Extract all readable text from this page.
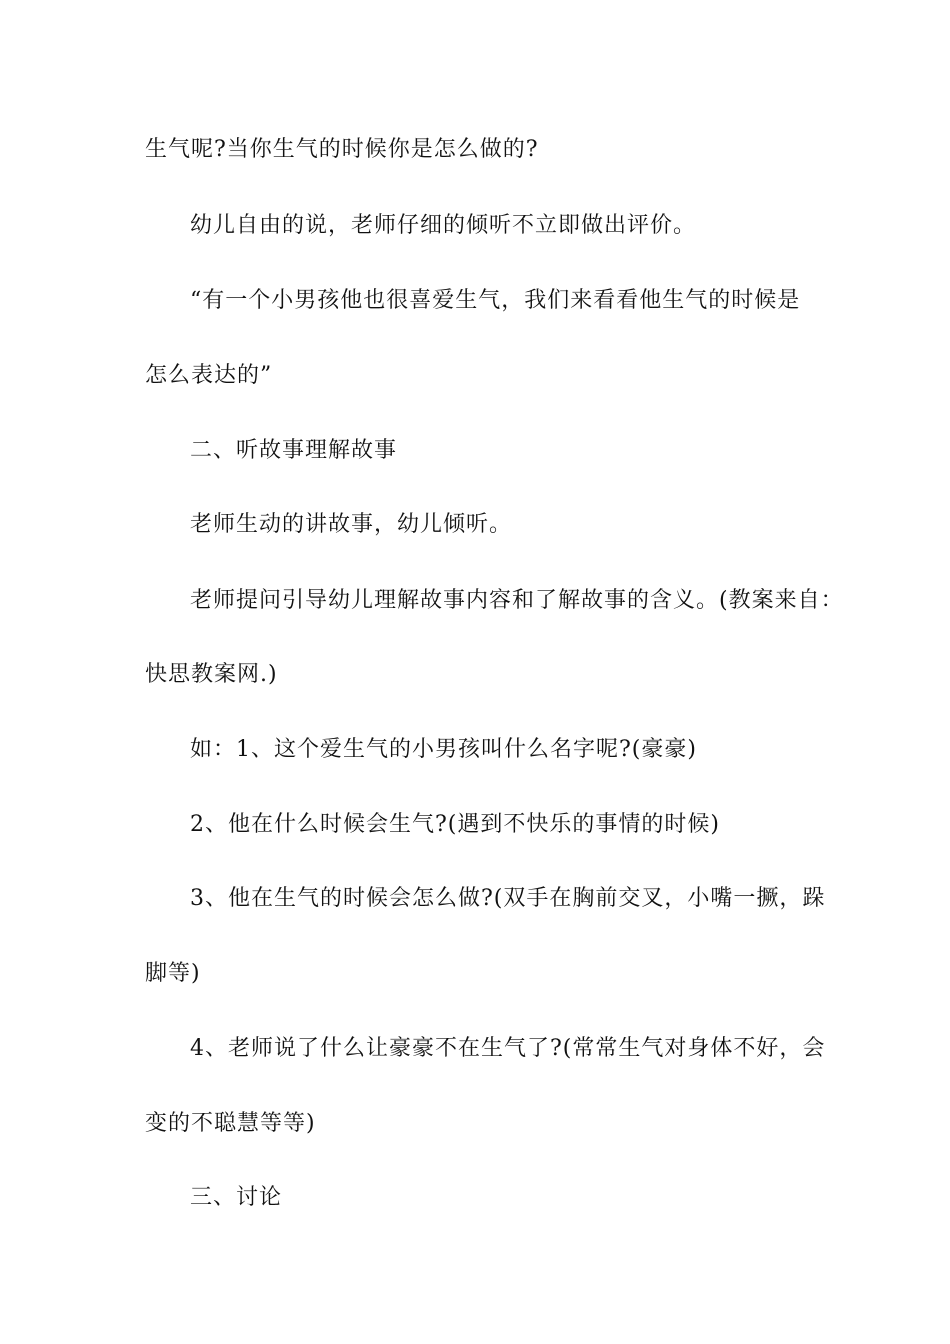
生气呢?当你生气的时候你是怎么做的?
幼儿自由的说，老师仔细的倾听不立即做出评价。
“有一个小男孩他也很喜爱生气，我们来看看他生气的时候是
怎么表达的”
二、听故事理解故事
老师生动的讲故事，幼儿倾听。
老师提问引导幼儿理解故事内容和了解故事的含义。(教案来自：
快思教案网.)
如：1、这个爱生气的小男孩叫什么名字呢?(豪豪)
2、他在什么时候会生气?(遇到不快乐的事情的时候)
3、他在生气的时候会怎么做?(双手在胸前交叉，小嘴一撅，跺
脚等)
4、老师说了什么让豪豪不在生气了?(常常生气对身体不好，会
变的不聪慧等等)
三、讨论
